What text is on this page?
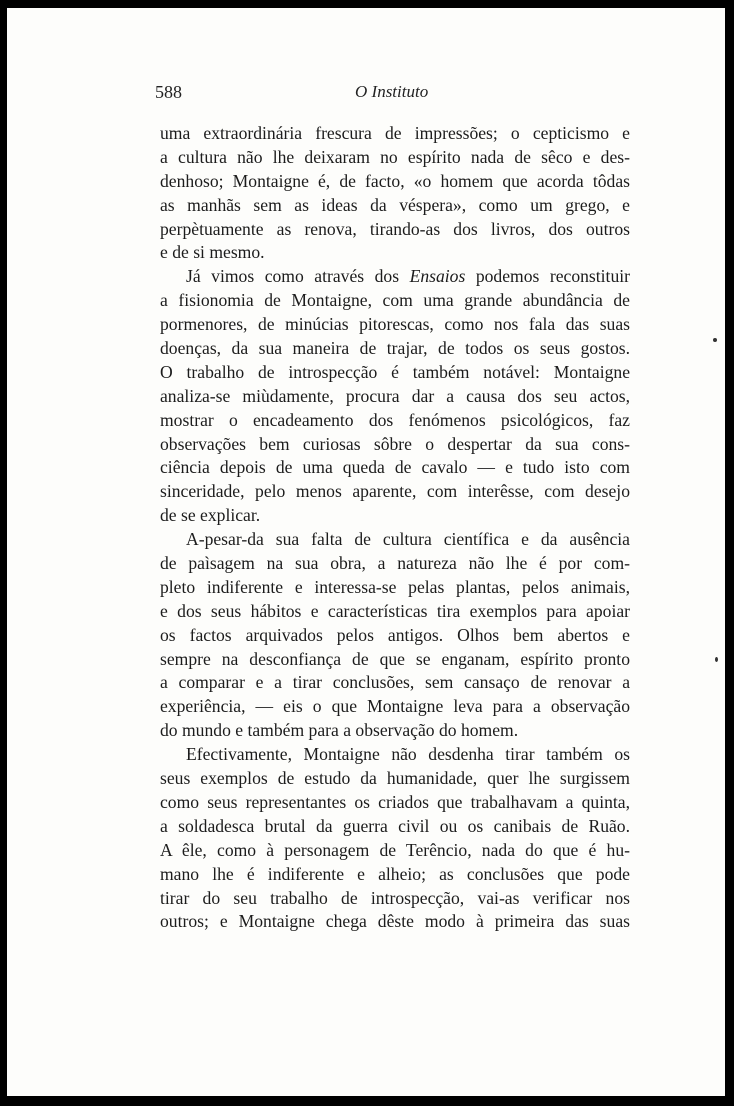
588	O Instituto
uma extraordinária frescura de impressões; o cepticismo e
a cultura não lhe deixaram no espírito nada de sêco e des-
denhoso; Montaigne é, de facto, «o homem que acorda tôdas
as manhãs sem as ideas da véspera», como um grego, e
perpètuamente as renova, tirando-as dos livros, dos outros
e de si mesmo.
Já vimos como através dos Ensaios podemos reconstituir
a fisionomia de Montaigne, com uma grande abundância de
pormenores, de minúcias pitorescas, como nos fala das suas
doenças, da sua maneira de trajar, de todos os seus gostos.
O trabalho de introspecção é também notável: Montaigne
analiza-se miùdamente, procura dar a causa dos seu actos,
mostrar o encadeamento dos fenómenos psicológicos, faz
observações bem curiosas sôbre o despertar da sua cons-
ciência depois de uma queda de cavalo — e tudo isto com
sinceridade, pelo menos aparente, com interêsse, com desejo
de se explicar.
A-pesar-da sua falta de cultura científica e da ausência
de paìsagem na sua obra, a natureza não lhe é por com-
pleto indiferente e interessa-se pelas plantas, pelos animais,
e dos seus hábitos e características tira exemplos para apoiar
os factos arquivados pelos antigos. Olhos bem abertos e
sempre na desconfiança de que se enganam, espírito pronto
a comparar e a tirar conclusões, sem cansaço de renovar a
experiência, — eis o que Montaigne leva para a observação
do mundo e também para a observação do homem.
Efectivamente, Montaigne não desdenha tirar também os
seus exemplos de estudo da humanidade, quer lhe surgissem
como seus representantes os criados que trabalhavam a quinta,
a soldadesca brutal da guerra civil ou os canibais de Ruão.
A êle, como à personagem de Terêncio, nada do que é hu-
mano lhe é indiferente e alheio; as conclusões que pode
tirar do seu trabalho de introspecção, vai-as verificar nos
outros; e Montaigne chega dêste modo à primeira das suas
